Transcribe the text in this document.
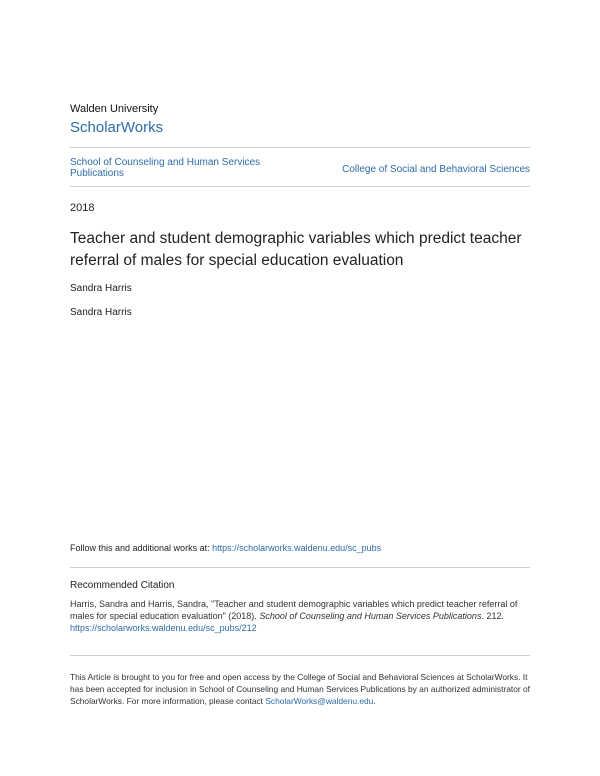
Walden University
ScholarWorks
School of Counseling and Human Services Publications	College of Social and Behavioral Sciences
2018
Teacher and student demographic variables which predict teacher referral of males for special education evaluation
Sandra Harris
Sandra Harris
Follow this and additional works at: https://scholarworks.waldenu.edu/sc_pubs
Recommended Citation
Harris, Sandra and Harris, Sandra, "Teacher and student demographic variables which predict teacher referral of males for special education evaluation" (2018). School of Counseling and Human Services Publications. 212.
https://scholarworks.waldenu.edu/sc_pubs/212
This Article is brought to you for free and open access by the College of Social and Behavioral Sciences at ScholarWorks. It has been accepted for inclusion in School of Counseling and Human Services Publications by an authorized administrator of ScholarWorks. For more information, please contact ScholarWorks@waldenu.edu.
